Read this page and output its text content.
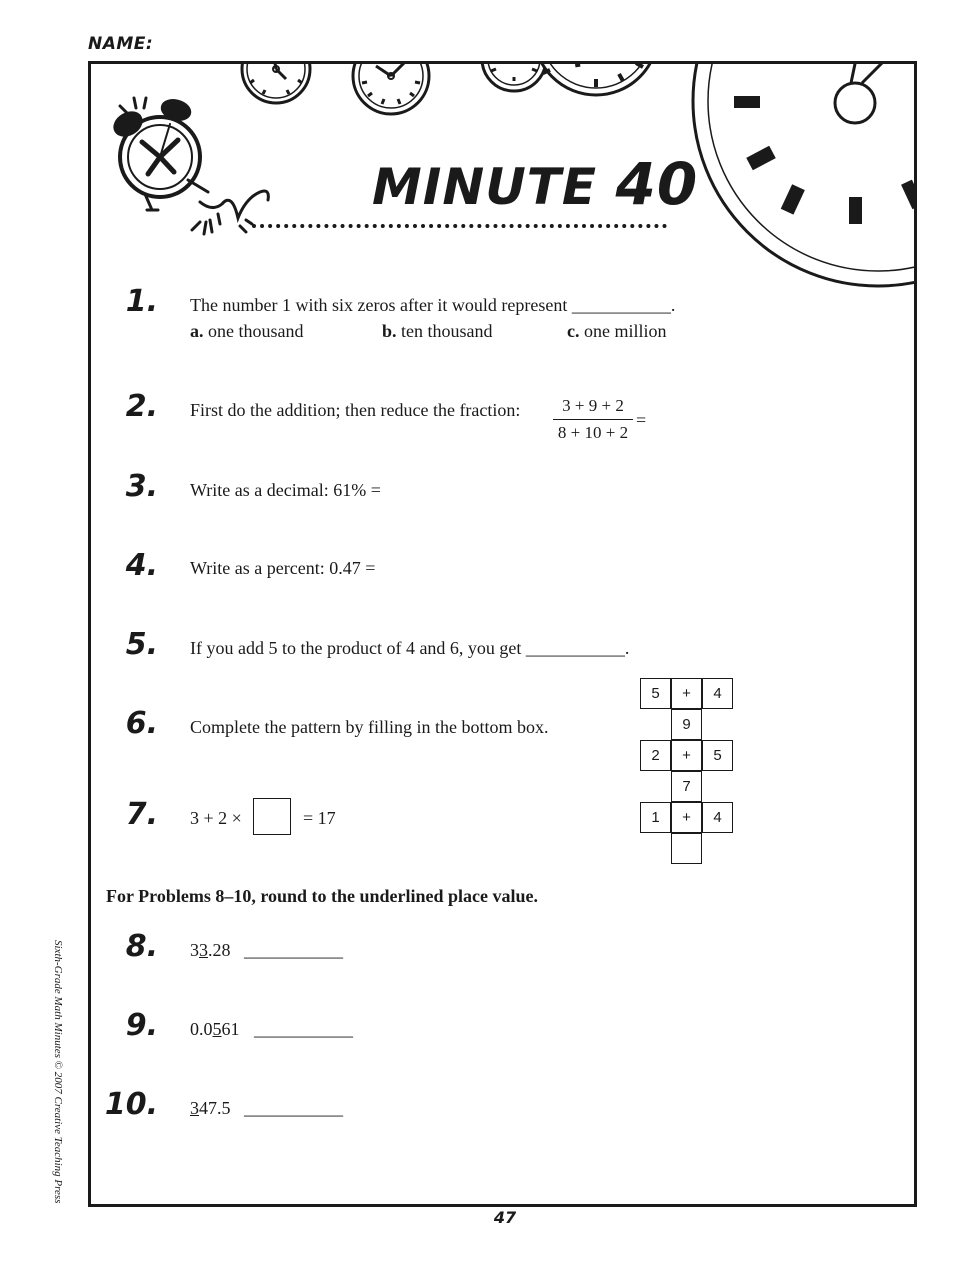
NAME:
MINUTE 40
1. The number 1 with six zeros after it would represent ___________.
a. one thousand	b. ten thousand	c. one million
2. First do the addition; then reduce the fraction: $\frac{3 + 9 + 2}{8 + 10 + 2}$ =
3. Write as a decimal: 61% =
4. Write as a percent: 0.47 =
5. If you add 5 to the product of 4 and 6, you get ___________.
6. Complete the pattern by filling in the bottom box.
5	+	4
9
2	+	5
7
1	+	4
7. 3 + 2 ×	= 17
For Problems 8–10, round to the underlined place value.
8. 33.28 ___________
9. 0.0561 ___________
10. 347.5 ___________
Sixth-Grade Math Minutes © 2007 Creative Teaching Press
47
